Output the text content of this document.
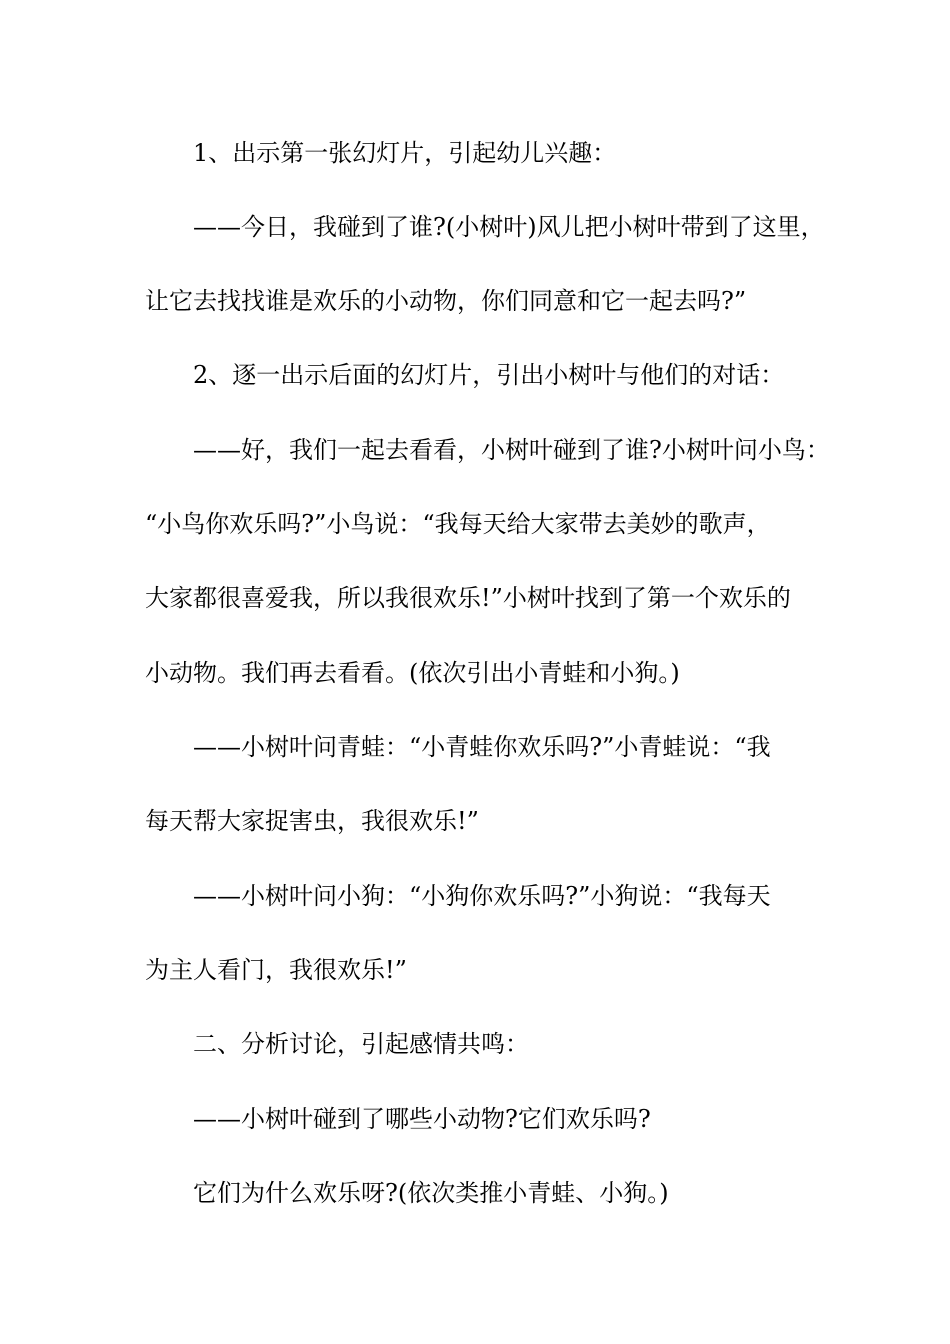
1、出示第一张幻灯片，引起幼儿兴趣：
——今日，我碰到了谁?(小树叶)风儿把小树叶带到了这里，
让它去找找谁是欢乐的小动物，你们同意和它一起去吗?”
2、逐一出示后面的幻灯片，引出小树叶与他们的对话：
——好，我们一起去看看，小树叶碰到了谁?小树叶问小鸟：
“小鸟你欢乐吗?”小鸟说：“我每天给大家带去美妙的歌声，
大家都很喜爱我，所以我很欢乐!”小树叶找到了第一个欢乐的
小动物。我们再去看看。(依次引出小青蛙和小狗。)
——小树叶问青蛙：“小青蛙你欢乐吗?”小青蛙说：“我
每天帮大家捉害虫，我很欢乐!”
——小树叶问小狗：“小狗你欢乐吗?”小狗说：“我每天
为主人看门，我很欢乐!”
二、分析讨论，引起感情共鸣：
——小树叶碰到了哪些小动物?它们欢乐吗?
它们为什么欢乐呀?(依次类推小青蛙、小狗。)
